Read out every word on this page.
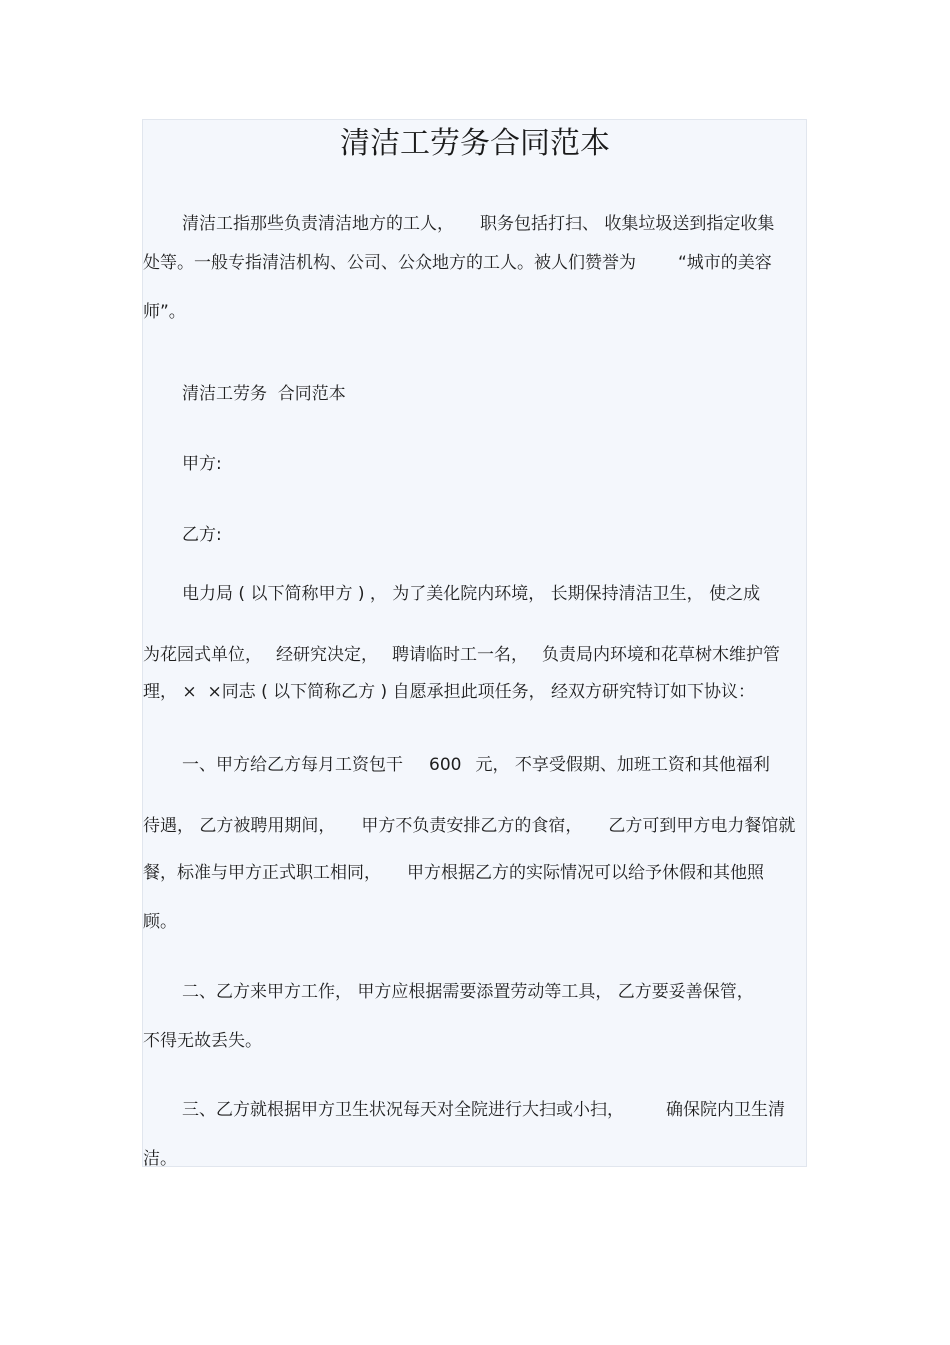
清洁工劳务合同范本
清洁工指那些负责清洁地方的工人， 职务包括打扫、 收集垃圾送到指定收集
处等。一般专指清洁机构、公司、公众地方的工人。被人们赞誉为 “城市的美容
师”。
清洁工劳务  合同范本
甲方:
乙方:
电力局 ( 以下简称甲方 ) ， 为了美化院内环境， 长期保持清洁卫生， 使之成
为花园式单位， 经研究决定， 聘请临时工一名， 负责局内环境和花草树木维护管
理， ×  ×同志 ( 以下简称乙方 ) 自愿承担此项任务， 经双方研究特订如下协议：
一、甲方给乙方每月工资包干 600 元， 不享受假期、加班工资和其他福利
待遇， 乙方被聘用期间， 甲方不负责安排乙方的食宿， 乙方可到甲方电力餐馆就
餐，标准与甲方正式职工相同， 甲方根据乙方的实际情况可以给予休假和其他照
顾。
二、乙方来甲方工作， 甲方应根据需要添置劳动等工具， 乙方要妥善保管，
不得无故丢失。
三、乙方就根据甲方卫生状况每天对全院进行大扫或小扫， 确保院内卫生清
洁。
